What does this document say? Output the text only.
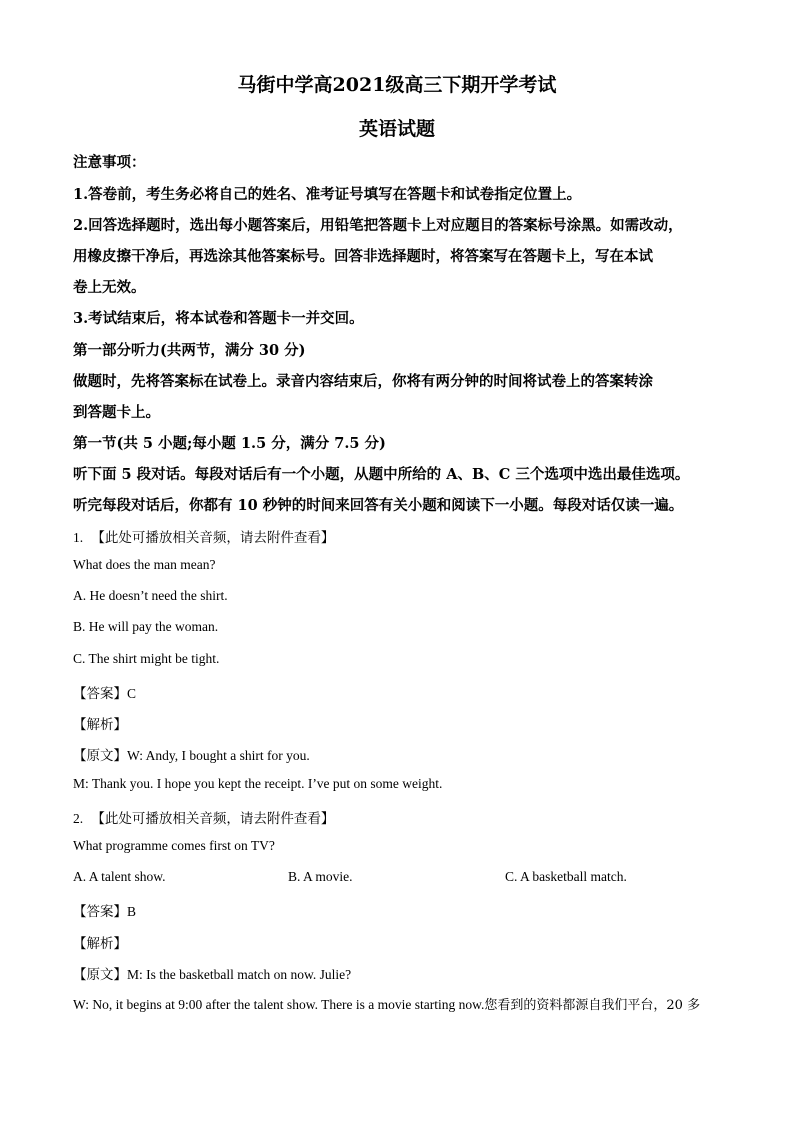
马街中学高2021级高三下期开学考试
英语试题
注意事项：
1.答卷前，考生务必将自己的姓名、准考证号填写在答题卡和试卷指定位置上。
2.回答选择题时，选出每小题答案后，用铅笔把答题卡上对应题目的答案标号涂黑。如需改动，
用橡皮擦干净后，再选涂其他答案标号。回答非选择题时，将答案写在答题卡上，写在本试
卷上无效。
3.考试结束后，将本试卷和答题卡一并交回。
第一部分听力(共两节，满分 30 分)
做题时，先将答案标在试卷上。录音内容结束后，你将有两分钟的时间将试卷上的答案转涂
到答题卡上。
第一节(共 5 小题;每小题 1.5 分，满分 7.5 分)
听下面 5 段对话。每段对话后有一个小题，从题中所给的 A、B、C 三个选项中选出最佳选项。
听完每段对话后，你都有 10 秒钟的时间来回答有关小题和阅读下一小题。每段对话仅读一遍。
1. 【此处可播放相关音频，请去附件查看】
What does the man mean?
A. He doesn’t need the shirt.
B. He will pay the woman.
C. The shirt might be tight.
【答案】C
【解析】
【原文】W: Andy, I bought a shirt for you.
M: Thank you. I hope you kept the receipt. I’ve put on some weight.
2. 【此处可播放相关音频，请去附件查看】
What programme comes first on TV?
A. A talent show.	B. A movie.	C. A basketball match.
【答案】B
【解析】
【原文】M: Is the basketball match on now. Julie?
W: No, it begins at 9:00 after the talent show. There is a movie starting now.您看到的资料都源自我们平台，20 多
